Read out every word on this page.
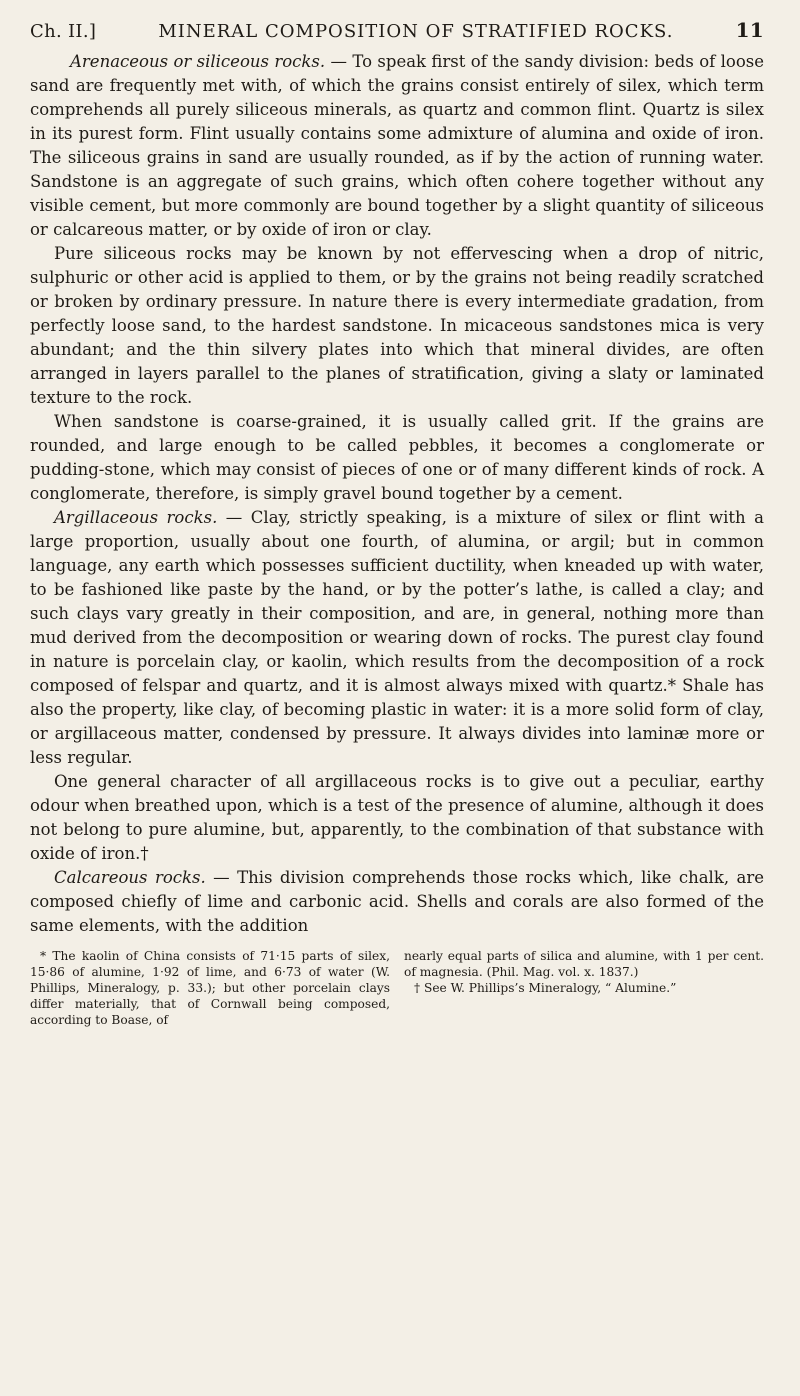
Ch. II.]	MINERAL COMPOSITION OF STRATIFIED ROCKS.	11

Arenaceous or siliceous rocks. — To speak first of the sandy division: beds of loose sand are frequently met with, of which the grains consist entirely of silex, which term comprehends all purely siliceous minerals, as quartz and common flint. Quartz is silex in its purest form. Flint usually contains some admixture of alumina and oxide of iron. The siliceous grains in sand are usually rounded, as if by the action of running water. Sandstone is an aggregate of such grains, which often cohere together without any visible cement, but more commonly are bound together by a slight quantity of siliceous or calcareous matter, or by oxide of iron or clay.

Pure siliceous rocks may be known by not effervescing when a drop of nitric, sulphuric or other acid is applied to them, or by the grains not being readily scratched or broken by ordinary pressure. In nature there is every intermediate gradation, from perfectly loose sand, to the hardest sandstone. In micaceous sandstones mica is very abundant; and the thin silvery plates into which that mineral divides, are often arranged in layers parallel to the planes of stratification, giving a slaty or laminated texture to the rock.

When sandstone is coarse-grained, it is usually called grit. If the grains are rounded, and large enough to be called pebbles, it becomes a conglomerate or pudding-stone, which may consist of pieces of one or of many different kinds of rock. A conglomerate, therefore, is simply gravel bound together by a cement.

Argillaceous rocks. — Clay, strictly speaking, is a mixture of silex or flint with a large proportion, usually about one fourth, of alumina, or argil; but in common language, any earth which possesses sufficient ductility, when kneaded up with water, to be fashioned like paste by the hand, or by the potter’s lathe, is called a clay; and such clays vary greatly in their composition, and are, in general, nothing more than mud derived from the decomposition or wearing down of rocks. The purest clay found in nature is porcelain clay, or kaolin, which results from the decomposition of a rock composed of felspar and quartz, and it is almost always mixed with quartz.* Shale has also the property, like clay, of becoming plastic in water: it is a more solid form of clay, or argillaceous matter, condensed by pressure. It always divides into laminæ more or less regular.

One general character of all argillaceous rocks is to give out a peculiar, earthy odour when breathed upon, which is a test of the presence of alumine, although it does not belong to pure alumine, but, apparently, to the combination of that substance with oxide of iron.†

Calcareous rocks. — This division comprehends those rocks which, like chalk, are composed chiefly of lime and carbonic acid. Shells and corals are also formed of the same elements, with the addition

* The kaolin of China consists of 71·15 parts of silex, 15·86 of alumine, 1·92 of lime, and 6·73 of water (W. Phillips, Mineralogy, p. 33.); but other porcelain clays differ materially, that of Cornwall being composed, according to Boase, of

nearly equal parts of silica and alumine, with 1 per cent. of magnesia. (Phil. Mag. vol. x. 1837.)

† See W. Phillips’s Mineralogy, “ Alumine.”
